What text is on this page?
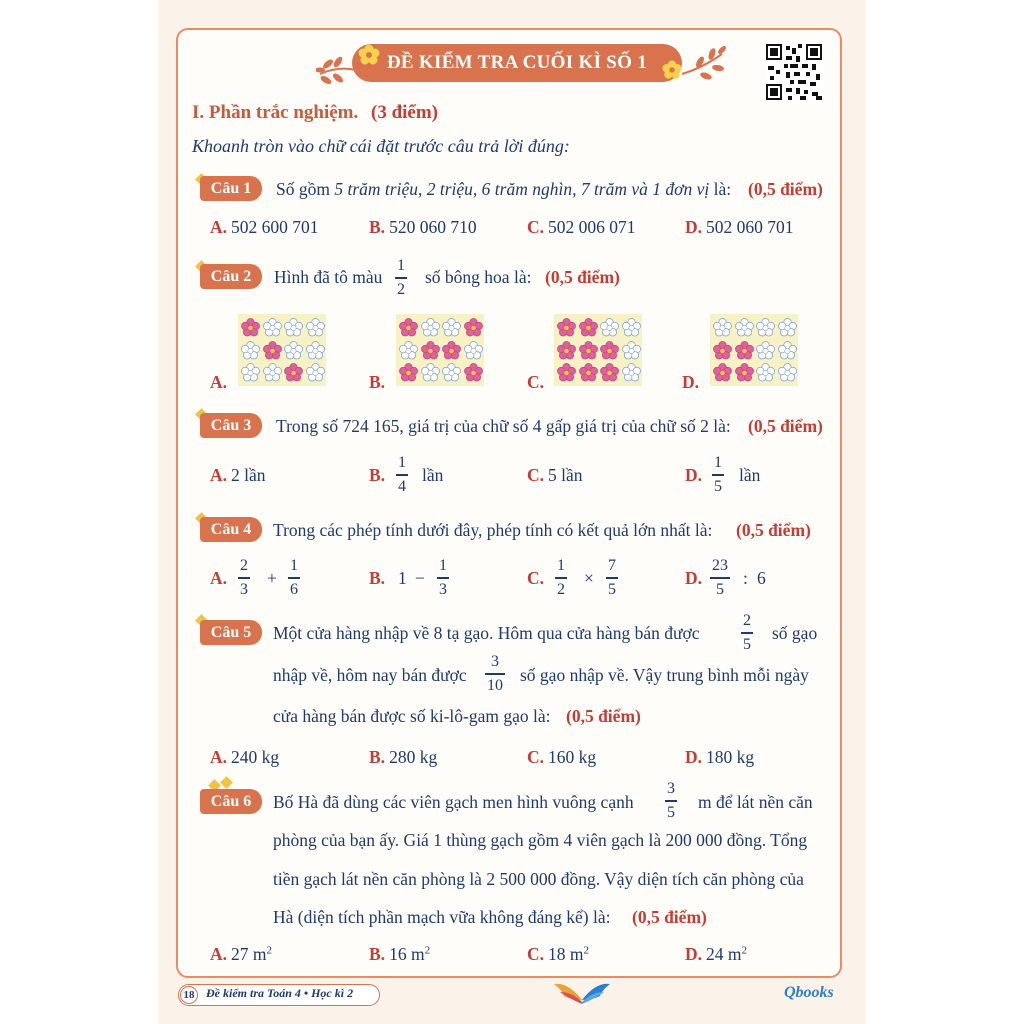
ĐỀ KIỂM TRA CUỐI KÌ SỐ 1
I. Phần trắc nghiệm. (3 điểm)
Khoanh tròn vào chữ cái đặt trước câu trả lời đúng:
Câu 1	Số gồm 5 trăm triệu, 2 triệu, 6 trăm nghìn, 7 trăm và 1 đơn vị là: (0,5 điểm)
A. 502 600 701	B. 520 060 710	C. 502 006 071	D. 502 060 701
Câu 2	Hình đã tô màu
1
2
số bông hoa là: (0,5 điểm)
A.	B.	C.	D.
Câu 3	Trong số 724 165, giá trị của chữ số 4 gấp giá trị của chữ số 2 là: (0,5 điểm)
A. 2 lần	B.
1
4
lần	C. 5 lần	D.
1
5
lần
Câu 4	Trong các phép tính dưới đây, phép tính có kết quả lớn nhất là: (0,5 điểm)
A.
2
3
+
1
6
B. 1 −
1
3
C.
1
2
×
7
5
D.
23
5
: 6
Câu 5	Một cửa hàng nhập về 8 tạ gạo. Hôm qua cửa hàng bán được
2
5
số gạo
nhập về, hôm nay bán được
3
10 số gạo nhập về. Vậy trung bình mỗi ngày
cửa hàng bán được số ki-lô-gam gạo là: (0,5 điểm)
A. 240 kg	B. 280 kg	C. 160 kg	D. 180 kg
Câu 6	Bố Hà đã dùng các viên gạch men hình vuông cạnh
3
5 m để lát nền căn
phòng của bạn ấy. Giá 1 thùng gạch gồm 4 viên gạch là 200 000 đồng. Tổng
tiền gạch lát nền căn phòng là 2 500 000 đồng. Vậy diện tích căn phòng của
Hà (diện tích phần mạch vữa không đáng kể) là: (0,5 điểm)
A. 27 $m^2$	B. 16 $m^2$	C. 18 $m^2$	D. 24 $m^2$
18 Đề kiểm tra Toán 4 • Học kì 2	Qbooks
